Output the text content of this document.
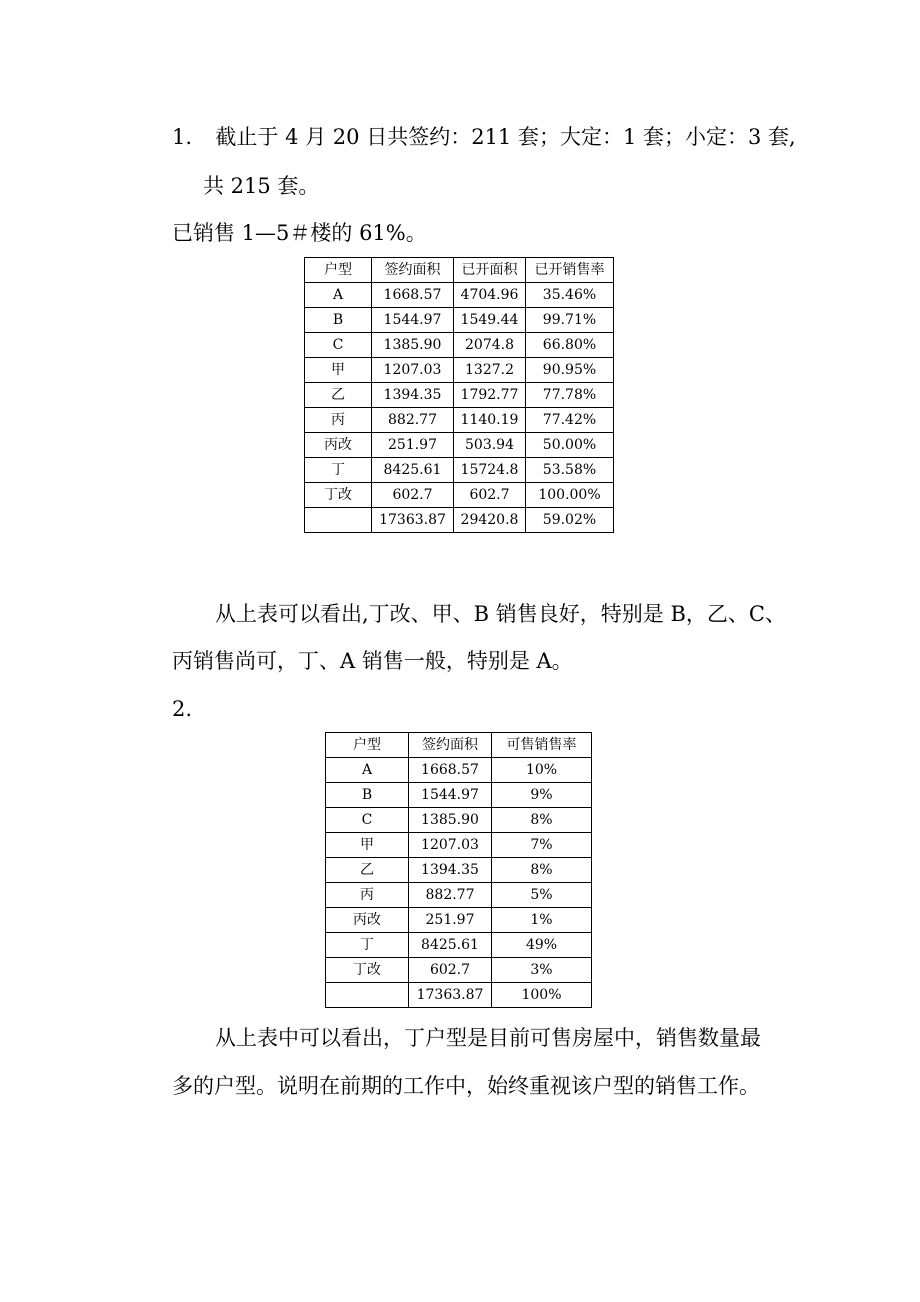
1. 截止于 4 月 20 日共签约：211 套；大定：1 套；小定：3 套,

共 215 套。

已销售 1—5＃楼的 61%。

户型	签约面积	已开面积	已开销售率
A	1668.57	4704.96	35.46%
B	1544.97	1549.44	99.71%
C	1385.90	2074.8	66.80%
甲	1207.03	1327.2	90.95%
乙	1394.35	1792.77	77.78%
丙	882.77	1140.19	77.42%
丙改	251.97	503.94	50.00%
丁	8425.61	15724.8	53.58%
丁改	602.7	602.7	100.00%
	17363.87	29420.8	59.02%

从上表可以看出,丁改、甲、B 销售良好，特别是 B，乙、C、

丙销售尚可，丁、A 销售一般，特别是 A。

2.

户型	签约面积	可售销售率
A	1668.57	10%
B	1544.97	9%
C	1385.90	8%
甲	1207.03	7%
乙	1394.35	8%
丙	882.77	5%
丙改	251.97	1%
丁	8425.61	49%
丁改	602.7	3%
	17363.87	100%

从上表中可以看出，丁户型是目前可售房屋中，销售数量最

多的户型。说明在前期的工作中，始终重视该户型的销售工作。
